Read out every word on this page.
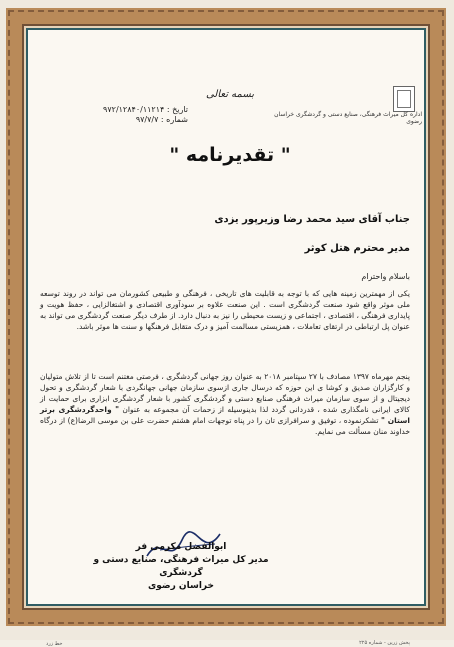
اداره کل میراث فرهنگی، صنایع دستی و گردشگری خراسان رضوی
بسمه تعالی
تاریخ : ۹۷۲/۱۲۸۴۰/۱۱۲۱۴
شماره : ۹۷/۷/۷
" تقدیرنامه "
جناب آقای سید محمد رضا وزیرپور یزدی
مدیر محترم هتل کوثر
باسلام واحترام
یکی از مهمترین زمینه هایی که با توجه به قابلیت های تاریخی ، فرهنگی و طبیعی کشورمان می تواند در روند توسعه ملی موثر واقع شود صنعت گردشگری است . این صنعت علاوه بر سودآوری اقتصادی و اشتغالزایی ، حفظ هویت و پایداری فرهنگی ، اقتصادی ، اجتماعی و زیست محیطی را نیز به دنبال دارد. از طرف دیگر صنعت گردشگری می تواند به عنوان پل ارتباطی در ارتقای تعاملات ، همزیستی مسالمت آمیز و درک متقابل فرهنگها و سنت ها موثر باشد.
پنجم مهرماه ۱۳۹۷ مصادف با ۲۷ سپتامبر ۲۰۱۸ به عنوان روز جهانی گردشگری ، فرصتی مغتنم است تا از تلاش متولیان و کارگزاران صدیق و کوشا ی این حوزه که درسال جاری ازسوی سازمان جهانی جهانگردی با شعار گردشگری و تحول دیجیتال و از سوی سازمان میراث فرهنگی صنایع دستی و گردشگری کشور با شعار گردشگری ابزاری برای حمایت از کالای ایرانی نامگذاری شده ، قدردانی گردد لذا بدینوسیله از زحمات آن مجموعه به عنوان " واحدگردشگری برتر استان " تشکرنموده ، توفیق و سرافرازی تان را در پناه توجهات امام هشتم حضرت علی بن موسی الرضا(ع) از درگاه خداوند منان مسألت می نمایم.
ابوالفضل مکرمی فر
مدیر کل میراث فرهنگی، صنایع دستی و گردشگری
خراسان رضوی
پخش زرین - شماره ۲۲۵
خط زرد
